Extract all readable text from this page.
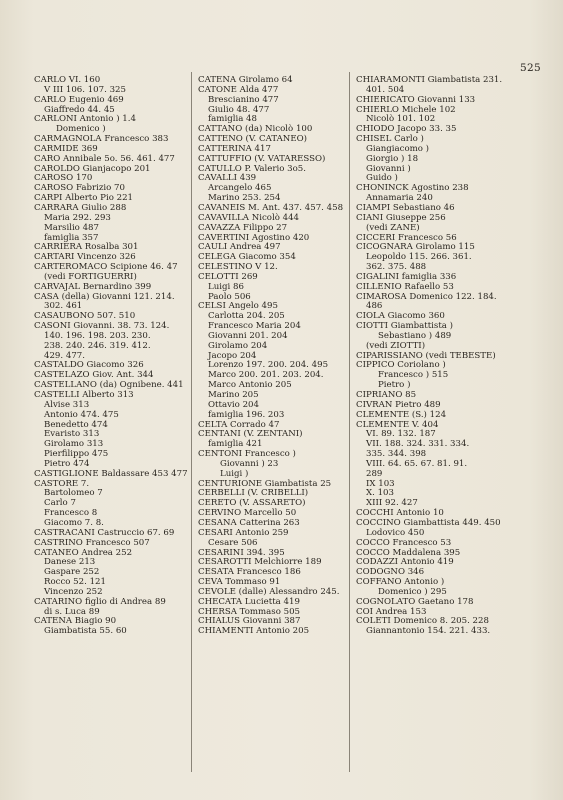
525
CARLO VI. 160
V III 106. 107. 325
CARLO Eugenio 469
Giaffredo 44. 45
CARLONI Antonio ) 1.4
Domenico )
CARMAGNOLA Francesco 383
CARMIDE 369
CARO Annibale 5o. 56. 461. 477
CAROLDO Gianjacopo 201
CAROSO 170
CAROSO Fabrizio 70
CARPI Alberto Pio 221
CARRARA Giulio 288
Maria 292. 293
Marsilio 487
famiglia 357
CARRIERA Rosalba 301
CARTARI Vincenzo 326
CARTEROMACO Scipione 46. 47
(vedi FORTIGUERRI)
CARVAJAL Bernardino 399
CASA (della) Giovanni 121. 214.
302. 461
CASAUBONO 507. 510
CASONI Giovanni. 38. 73. 124.
140. 196. 198. 203. 230.
238. 240. 246. 319. 412.
429. 477.
CASTALDO Giacomo 326
CASTELAZO Giov. Ant. 344
CASTELLANO (da) Ognibene. 441
CASTELLI Alberto 313
Alvise 313
Antonio 474. 475
Benedetto 474
Evaristo 313
Girolamo 313
Pierfilippo 475
Pietro 474
CASTIGLIONE Baldassare 453 477
CASTORE 7.
Bartolomeo 7
Carlo 7
Francesco 8
Giacomo 7. 8.
CASTRACANI Castruccio 67. 69
CASTRINO Francesco 507
CATANEO Andrea 252
Danese 213
Gaspare 252
Rocco 52. 121
Vincenzo 252
CATARINO figlio di Andrea 89
di s. Luca 89
CATENA Biagio 90
Giambatista 55. 60
CATENA Girolamo 64
CATONE Alda 477
Brescianino 477
Giulio 48. 477
famiglia 48
CATTANO (da) Nicolò 100
CATTENO (V. CATANEO)
CATTERINA 417
CATTUFFIO (V. VATARESSO)
CATULLO P. Valerio 3o5.
CAVALLI 439
Arcangelo 465
Marino 253. 254
CAVANEIS M. Ant. 437. 457. 458
CAVAVILLA Nicolò 444
CAVAZZA Filippo 27
CAVERTINI Agostino 420
CAULI Andrea 497
CELEGA Giacomo 354
CELESTINO V 12.
CELOTTI 269
Luigi 86
Paolo 506
CELSI Angelo 495
Carlotta 204. 205
Francesco Maria 204
Giovanni 201. 204
Girolamo 204
Jacopo 204
Lorenzo 197. 200. 204. 495
Marco 200. 201. 203. 204.
Marco Antonio 205
Marino 205
Ottavio 204
famiglia 196. 203
CELTA Corrado 47
CENTANI (V. ZENTANI)
famiglia 421
CENTONI Francesco )
Giovanni ) 23
Luigi )
CENTURIONE Giambatista 25
CERBELLI (V. CRIBELLI)
CERETO (V. ASSARETO)
CERVINO Marcello 50
CESANA Catterina 263
CESARI Antonio 259
Cesare 506
CESARINI 394. 395
CESAROTTI Melchiorre 189
CESATA Francesco 186
CEVA Tommaso 91
CEVOLE (dalle) Alessandro 245.
CHECATA Lucietta 419
CHERSA Tommaso 505
CHIALUS Giovanni 387
CHIAMENTI Antonio 205
CHIARAMONTI Giambatista 231.
401. 504
CHIERICATO Giovanni 133
CHIERLO Michele 102
Nicolò 101. 102
CHIODO Jacopo 33. 35
CHISEL Carlo )
Giangiacomo )
Giorgio ) 18
Giovanni )
Guido )
CHONINCK Agostino 238
Annamaria 240
CIAMPI Sebastiano 46
CIANI Giuseppe 256
(vedi ZANE)
CICCERI Francesco 56
CICOGNARA Girolamo 115
Leopoldo 115. 266. 361.
362. 375. 488
CIGALINI famiglia 336
CILLENIO Rafaello 53
CIMAROSA Domenico 122. 184.
486
CIOLA Giacomo 360
CIOTTI Giambattista )
Sebastiano ) 489
(vedi ZIOTTI)
CIPARISSIANO (vedi TEBESTE)
CIPPICO Coriolano )
Francesco ) 515
Pietro )
CIPRIANO 85
CIVRAN Pietro 489
CLEMENTE (S.) 124
CLEMENTE V. 404
VI. 89. 132. 187
VII. 188. 324. 331. 334.
335. 344. 398
VIII. 64. 65. 67. 81. 91.
289
IX 103
X. 103
XIII 92. 427
COCCHI Antonio 10
COCCINO Giambattista 449. 450
Lodovico 450
COCCO Francesco 53
COCCO Maddalena 395
CODAZZI Antonio 419
CODOGNO 346
COFFANO Antonio )
Domenico ) 295
COGNOLATO Gaetano 178
COI Andrea 153
COLETI Domenico 8. 205. 228
Giannantonio 154. 221. 433.
